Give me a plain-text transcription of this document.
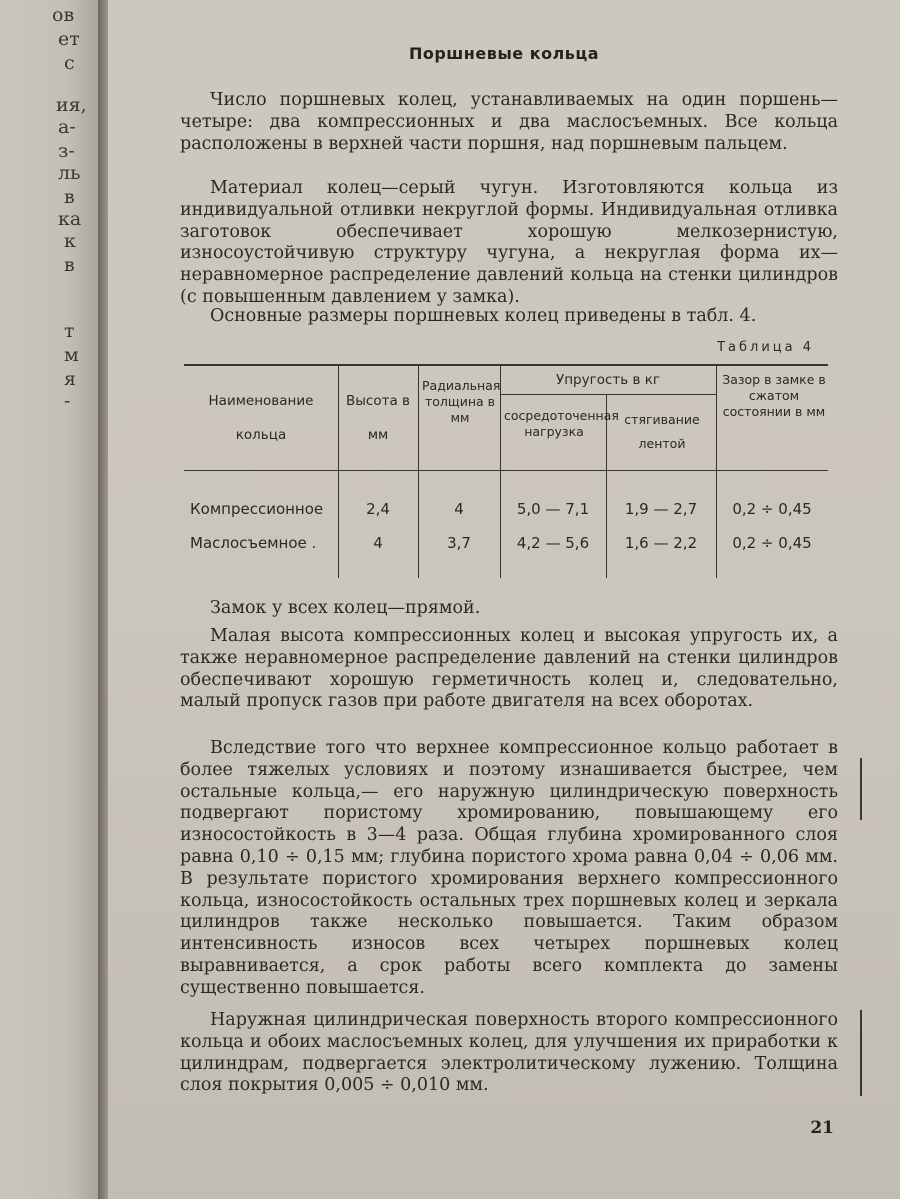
ов
ет
с
ия,
а-
з-
ль
в
ка
к
в
т
м
я
-
Поршневые кольца
Число поршневых колец, устанавливаемых на один поршень—четыре: два компрессионных и два маслосъемных. Все кольца расположены в верхней части поршня, над поршневым пальцем.
Материал колец—серый чугун. Изготовляются кольца из индивидуальной отливки некруглой формы. Индивидуальная отливка заготовок обеспечивает хорошую мелкозернистую, износоустойчивую структуру чугуна, а некруглая форма их— неравномерное распределение давлений кольца на стенки цилиндров (с повышенным давлением у замка).
Основные размеры поршневых колец приведены в табл. 4.
Таблица 4
Наименование кольца
Высота в мм
Радиальная толщина в мм
Упругость в кг
сосредоточенная нагрузка
стягивание лентой
Зазор в замке в сжатом состоянии в мм
Компрессионное	2,4	4	5,0 — 7,1	1,9 — 2,7	0,2 ÷ 0,45
Маслосъемное .	4	3,7	4,2 — 5,6	1,6 — 2,2	0,2 ÷ 0,45
Замок у всех колец—прямой.
Малая высота компрессионных колец и высокая упругость их, а также неравномерное распределение давлений на стенки цилиндров обеспечивают хорошую герметичность колец и, следовательно, малый пропуск газов при работе двигателя на всех оборотах.
Вследствие того что верхнее компрессионное кольцо работает в более тяжелых условиях и поэтому изнашивается быстрее, чем остальные кольца,— его наружную цилиндрическую поверхность подвергают пористому хромированию, повышающему его износостойкость в 3—4 раза. Общая глубина хромированного слоя равна 0,10 ÷ 0,15 мм; глубина пористого хрома равна 0,04 ÷ 0,06 мм. В результате пористого хромирования верхнего компрессионного кольца, износостойкость остальных трех поршневых колец и зеркала цилиндров также несколько повышается. Таким образом интенсивность износов всех четырех поршневых колец выравнивается, а срок работы всего комплекта до замены существенно повышается.
Наружная цилиндрическая поверхность второго компрессионного кольца и обоих маслосъемных колец, для улучшения их приработки к цилиндрам, подвергается электролитическому лужению. Толщина слоя покрытия 0,005 ÷ 0,010 мм.
21
